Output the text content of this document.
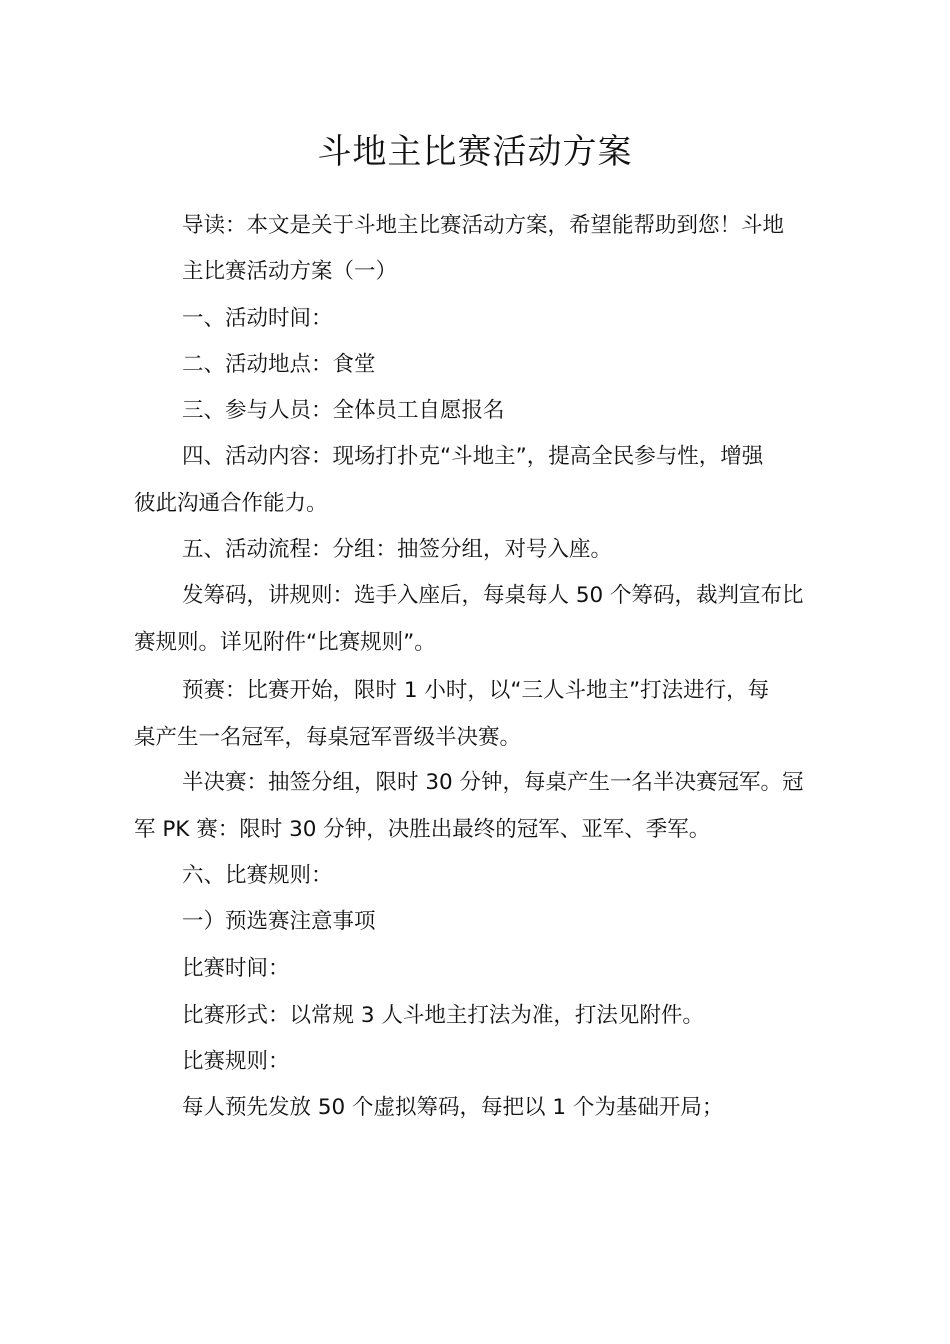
斗地主比赛活动方案

导读：本文是关于斗地主比赛活动方案，希望能帮助到您！斗地

主比赛活动方案（一）

一、活动时间：

二、活动地点：食堂

三、参与人员：全体员工自愿报名

四、活动内容：现场打扑克“斗地主”，提高全民参与性，增强

彼此沟通合作能力。

五、活动流程：分组：抽签分组，对号入座。

发筹码，讲规则：选手入座后，每桌每人 50 个筹码，裁判宣布比

赛规则。详见附件“比赛规则”。

预赛：比赛开始，限时 1 小时，以“三人斗地主”打法进行，每

桌产生一名冠军，每桌冠军晋级半决赛。

半决赛：抽签分组，限时 30 分钟，每桌产生一名半决赛冠军。冠

军 PK 赛：限时 30 分钟，决胜出最终的冠军、亚军、季军。

六、比赛规则：

一）预选赛注意事项

比赛时间：

比赛形式：以常规 3 人斗地主打法为准，打法见附件。

比赛规则：

每人预先发放 50 个虚拟筹码，每把以 1 个为基础开局；
